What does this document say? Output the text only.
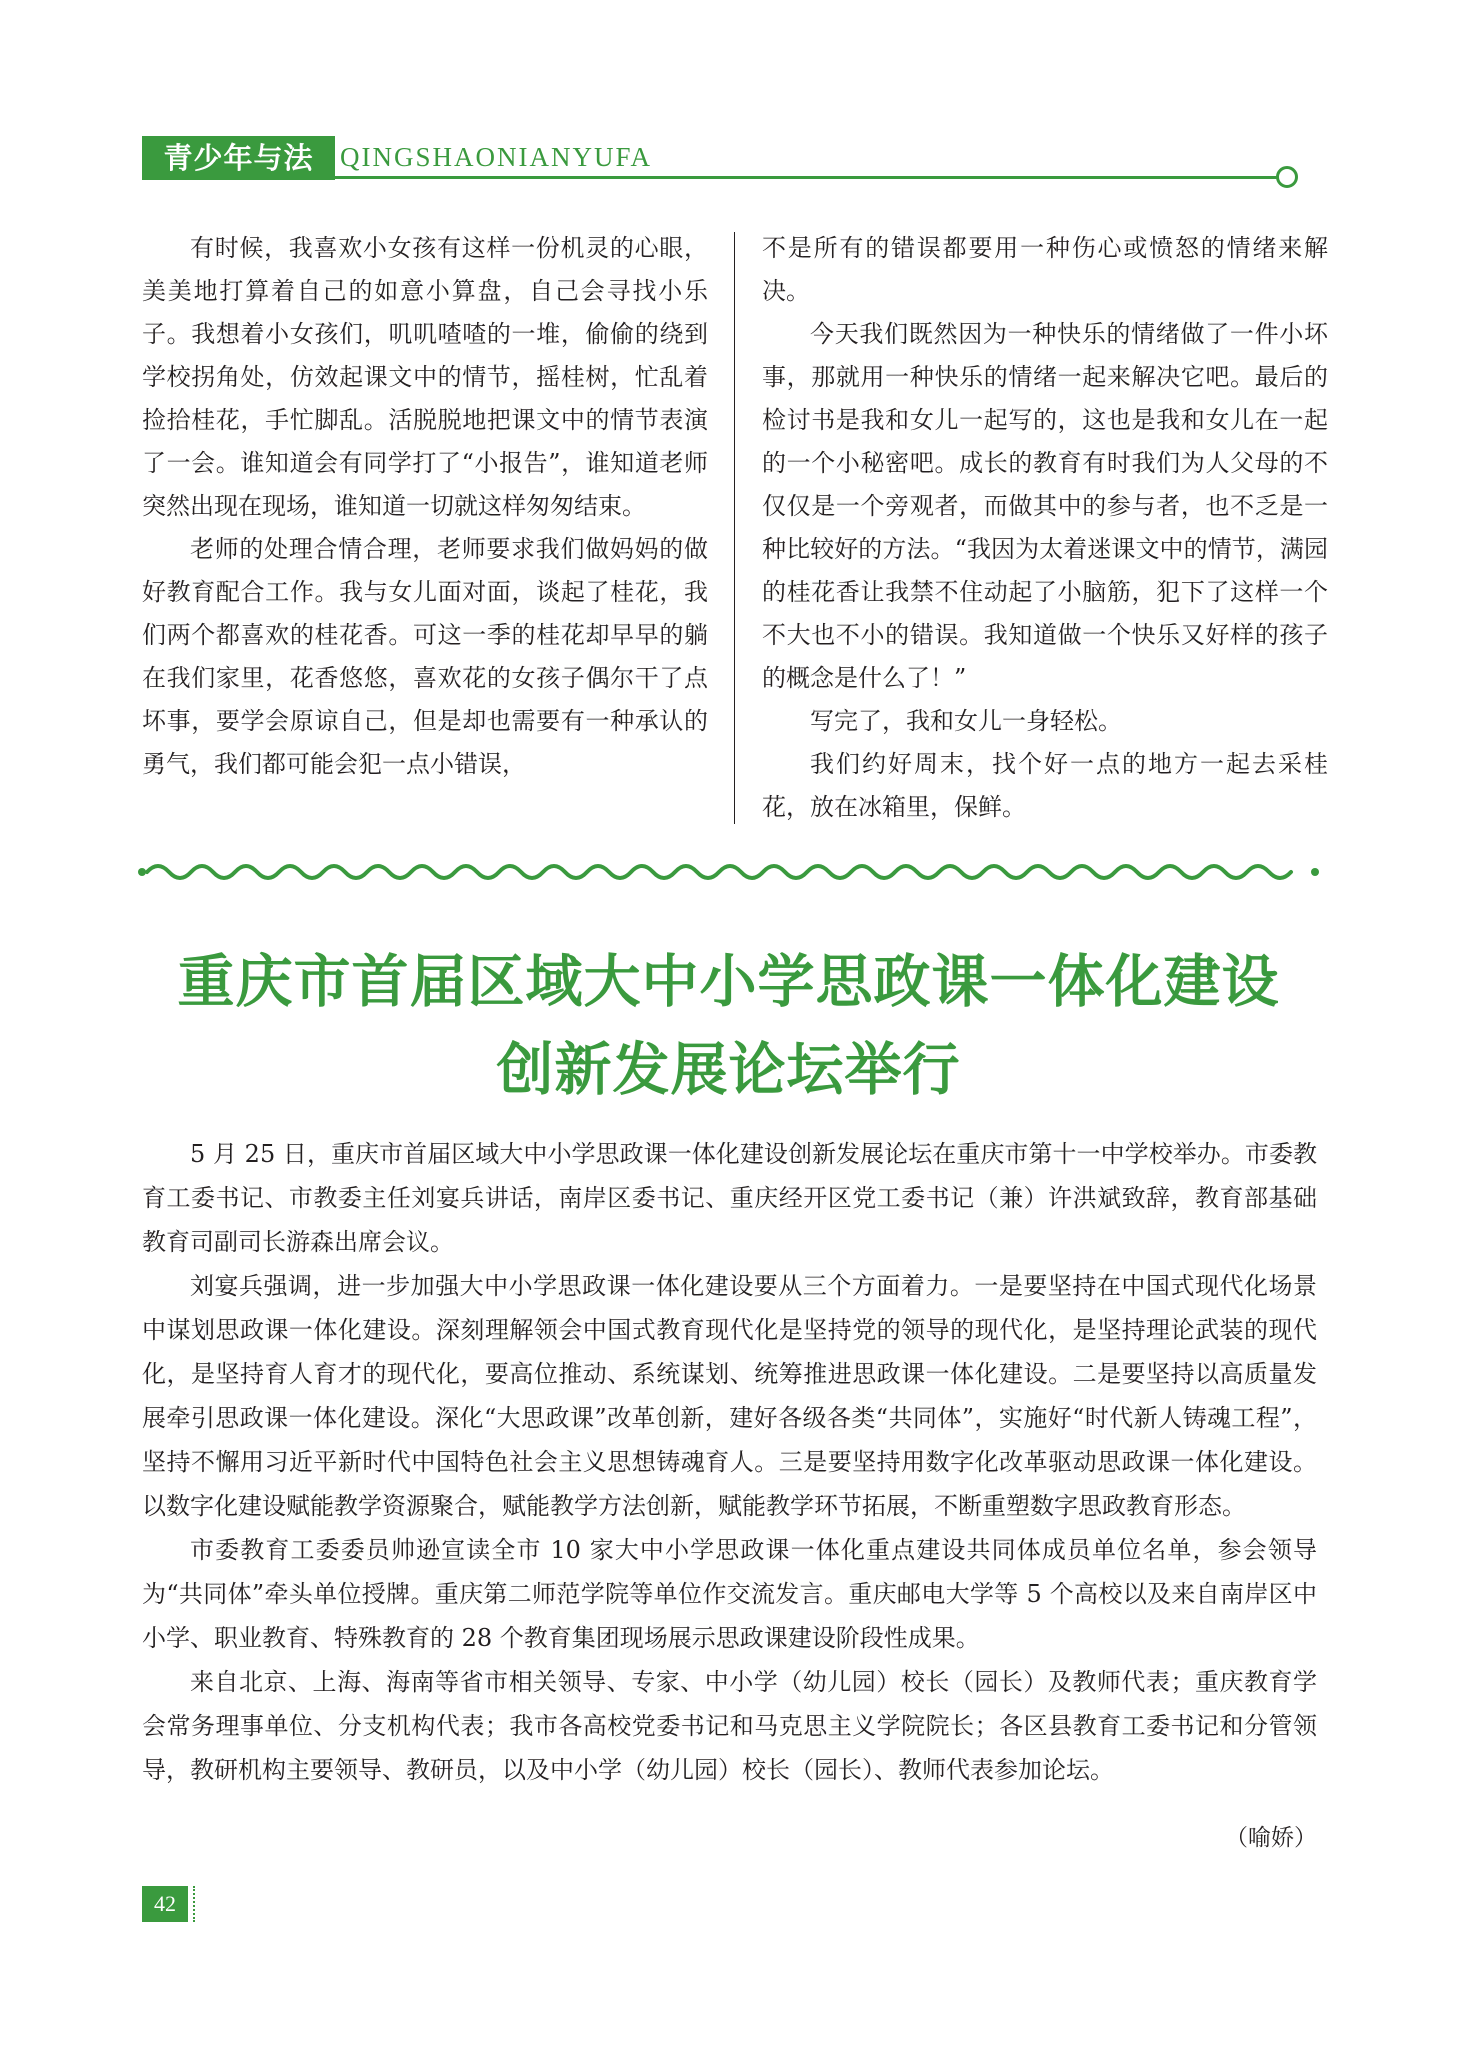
青少年与法 QINGSHAONIANYUFA

有时候，我喜欢小女孩有这样一份机灵的心眼，美美地打算着自己的如意小算盘，自己会寻找小乐子。我想着小女孩们，叽叽喳喳的一堆，偷偷的绕到学校拐角处，仿效起课文中的情节，摇桂树，忙乱着捡拾桂花，手忙脚乱。活脱脱地把课文中的情节表演了一会。谁知道会有同学打了“小报告”，谁知道老师突然出现在现场，谁知道一切就这样匆匆结束。

老师的处理合情合理，老师要求我们做妈妈的做好教育配合工作。我与女儿面对面，谈起了桂花，我们两个都喜欢的桂花香。可这一季的桂花却早早的躺在我们家里，花香悠悠，喜欢花的女孩子偶尔干了点坏事，要学会原谅自己，但是却也需要有一种承认的勇气，我们都可能会犯一点小错误，

不是所有的错误都要用一种伤心或愤怒的情绪来解决。

今天我们既然因为一种快乐的情绪做了一件小坏事，那就用一种快乐的情绪一起来解决它吧。最后的检讨书是我和女儿一起写的，这也是我和女儿在一起的一个小秘密吧。成长的教育有时我们为人父母的不仅仅是一个旁观者，而做其中的参与者，也不乏是一种比较好的方法。“我因为太着迷课文中的情节，满园的桂花香让我禁不住动起了小脑筋，犯下了这样一个不大也不小的错误。我知道做一个快乐又好样的孩子的概念是什么了！”

写完了，我和女儿一身轻松。

我们约好周末，找个好一点的地方一起去采桂花，放在冰箱里，保鲜。

重庆市首届区域大中小学思政课一体化建设
创新发展论坛举行

5 月 25 日，重庆市首届区域大中小学思政课一体化建设创新发展论坛在重庆市第十一中学校举办。市委教育工委书记、市教委主任刘宴兵讲话，南岸区委书记、重庆经开区党工委书记（兼）许洪斌致辞，教育部基础教育司副司长游森出席会议。

刘宴兵强调，进一步加强大中小学思政课一体化建设要从三个方面着力。一是要坚持在中国式现代化场景中谋划思政课一体化建设。深刻理解领会中国式教育现代化是坚持党的领导的现代化，是坚持理论武装的现代化，是坚持育人育才的现代化，要高位推动、系统谋划、统筹推进思政课一体化建设。二是要坚持以高质量发展牵引思政课一体化建设。深化“大思政课”改革创新，建好各级各类“共同体”，实施好“时代新人铸魂工程”，坚持不懈用习近平新时代中国特色社会主义思想铸魂育人。三是要坚持用数字化改革驱动思政课一体化建设。以数字化建设赋能教学资源聚合，赋能教学方法创新，赋能教学环节拓展，不断重塑数字思政教育形态。

市委教育工委委员帅逊宣读全市 10 家大中小学思政课一体化重点建设共同体成员单位名单，参会领导为“共同体”牵头单位授牌。重庆第二师范学院等单位作交流发言。重庆邮电大学等 5 个高校以及来自南岸区中小学、职业教育、特殊教育的 28 个教育集团现场展示思政课建设阶段性成果。

来自北京、上海、海南等省市相关领导、专家、中小学（幼儿园）校长（园长）及教师代表；重庆教育学会常务理事单位、分支机构代表；我市各高校党委书记和马克思主义学院院长；各区县教育工委书记和分管领导，教研机构主要领导、教研员，以及中小学（幼儿园）校长（园长）、教师代表参加论坛。

（喻娇）
42
